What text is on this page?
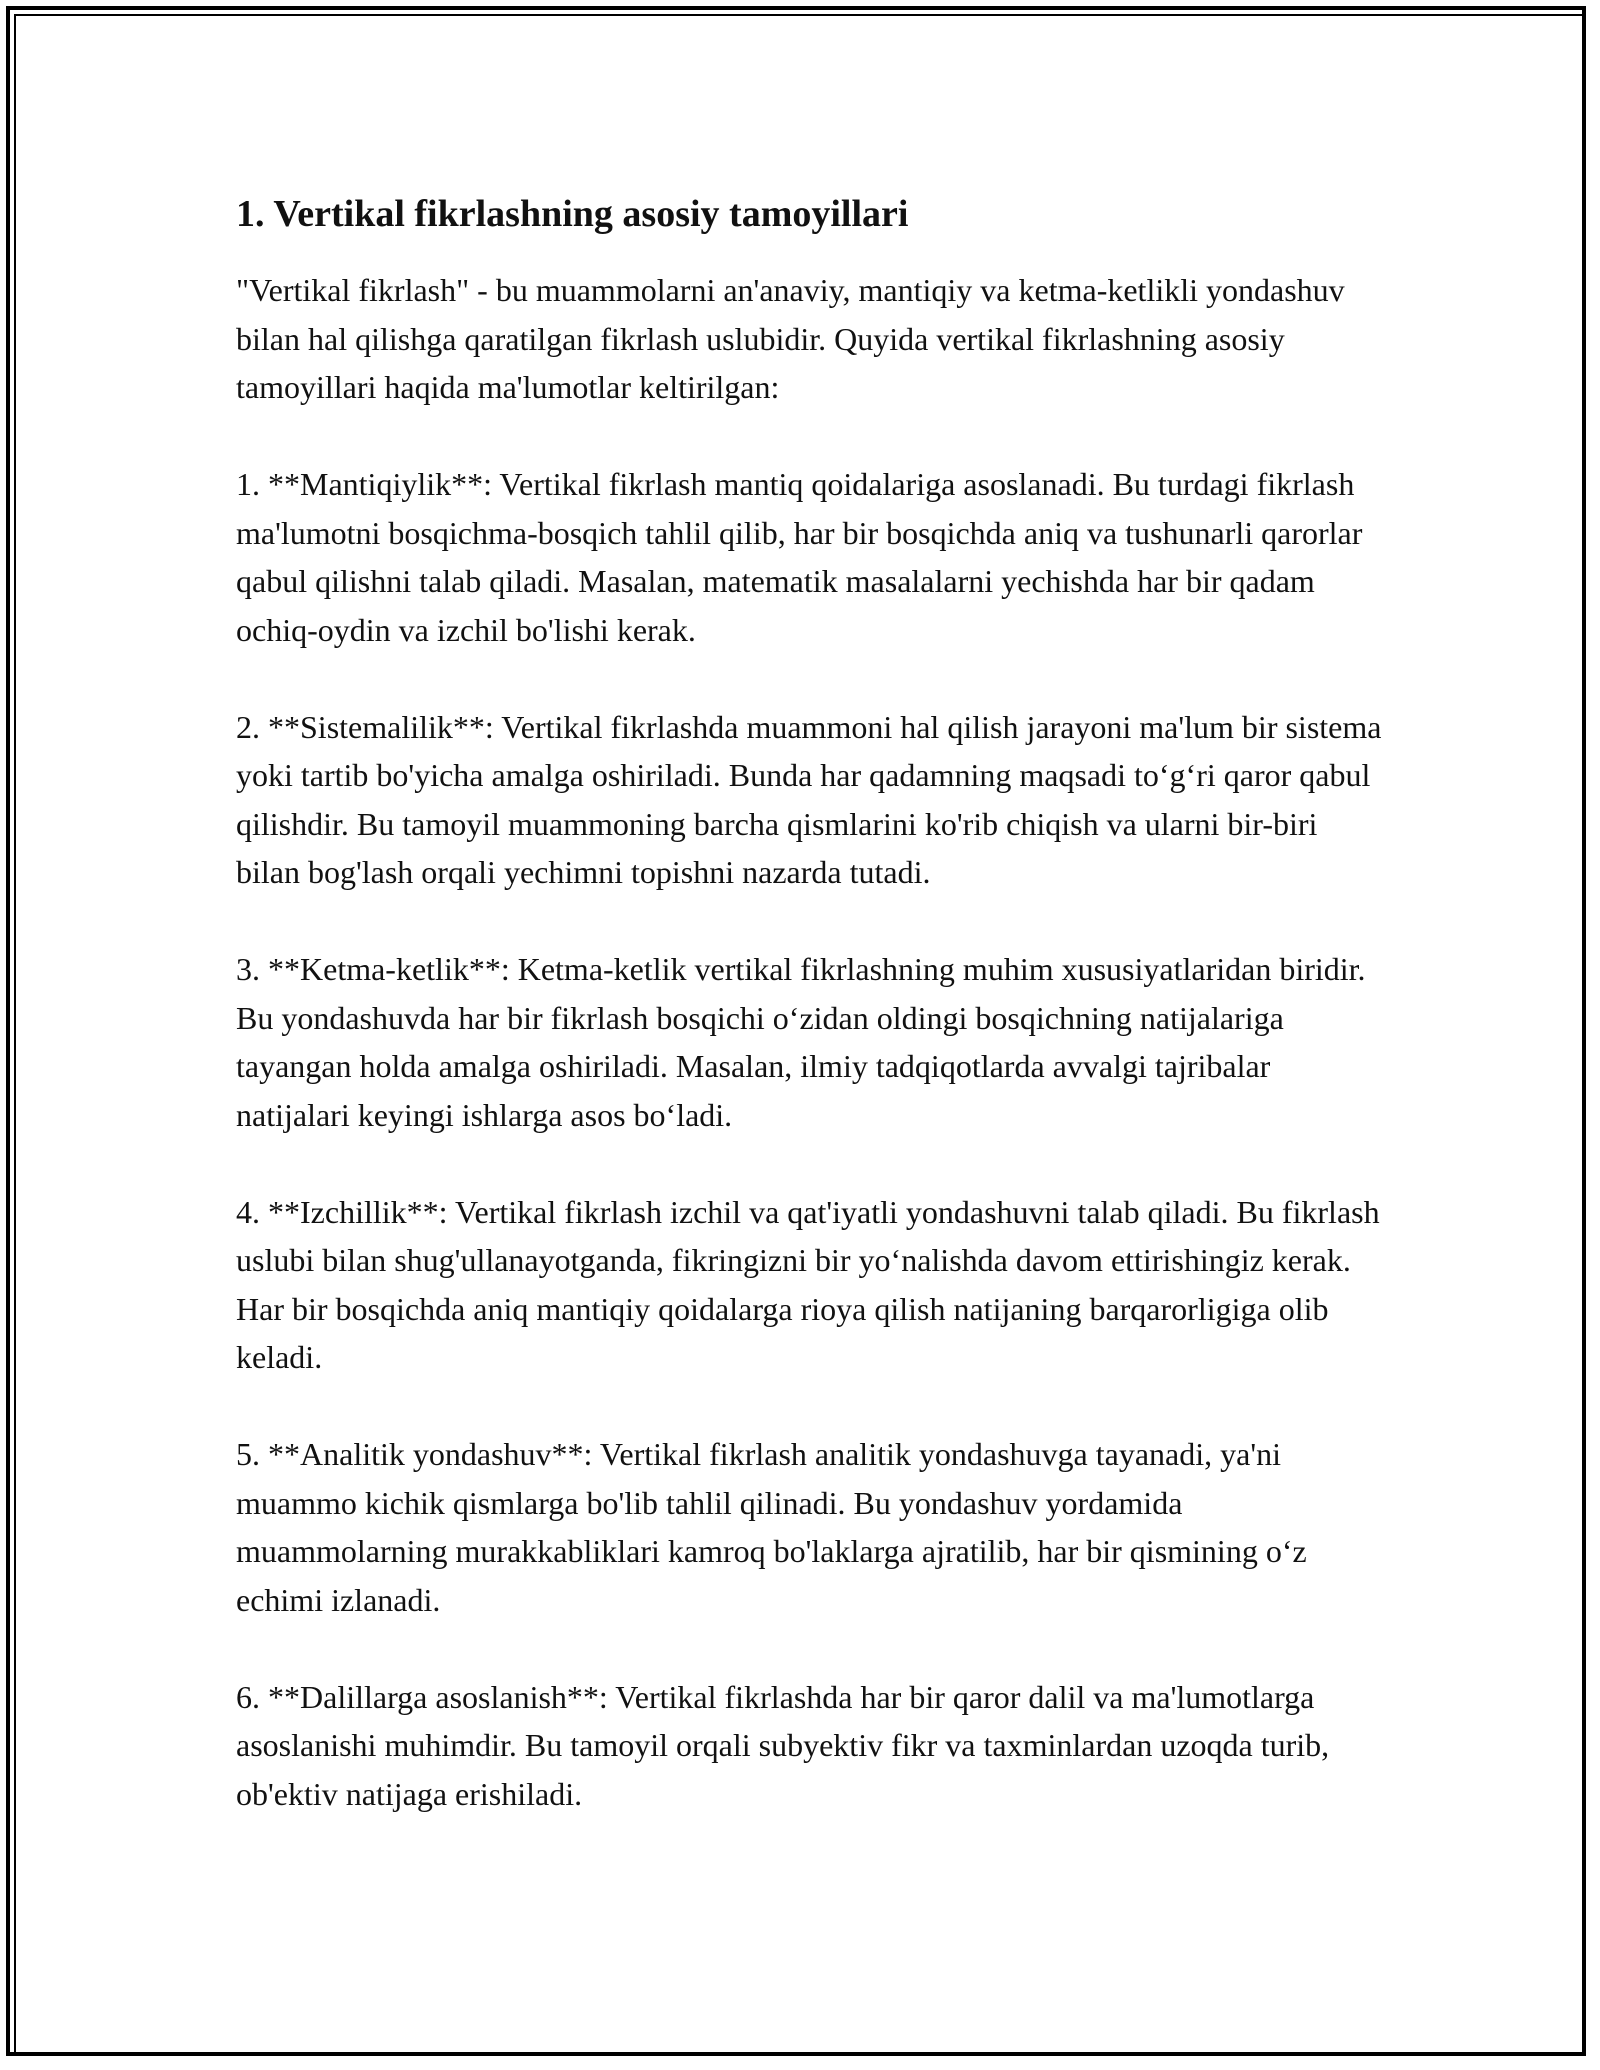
1. Vertikal fikrlashning asosiy tamoyillari

"Vertikal fikrlash" - bu muammolarni an'anaviy, mantiqiy va ketma-ketlikli yondashuv bilan hal qilishga qaratilgan fikrlash uslubidir. Quyida vertikal fikrlashning asosiy tamoyillari haqida ma'lumotlar keltirilgan:

1. **Mantiqiylik**: Vertikal fikrlash mantiq qoidalariga asoslanadi. Bu turdagi fikrlash ma'lumotni bosqichma-bosqich tahlil qilib, har bir bosqichda aniq va tushunarli qarorlar qabul qilishni talab qiladi. Masalan, matematik masalalarni yechishda har bir qadam ochiq-oydin va izchil bo'lishi kerak.

2. **Sistemalilik**: Vertikal fikrlashda muammoni hal qilish jarayoni ma'lum bir sistema yoki tartib bo'yicha amalga oshiriladi. Bunda har qadamning maqsadi to‘g‘ri qaror qabul qilishdir. Bu tamoyil muammoning barcha qismlarini ko'rib chiqish va ularni bir-biri bilan bog'lash orqali yechimni topishni nazarda tutadi.

3. **Ketma-ketlik**: Ketma-ketlik vertikal fikrlashning muhim xususiyatlaridan biridir. Bu yondashuvda har bir fikrlash bosqichi o‘zidan oldingi bosqichning natijalariga tayangan holda amalga oshiriladi. Masalan, ilmiy tadqiqotlarda avvalgi tajribalar natijalari keyingi ishlarga asos bo‘ladi.

4. **Izchillik**: Vertikal fikrlash izchil va qat'iyatli yondashuvni talab qiladi. Bu fikrlash uslubi bilan shug'ullanayotganda, fikringizni bir yo‘nalishda davom ettirishingiz kerak. Har bir bosqichda aniq mantiqiy qoidalarga rioya qilish natijaning barqarorligiga olib keladi.

5. **Analitik yondashuv**: Vertikal fikrlash analitik yondashuvga tayanadi, ya'ni muammo kichik qismlarga bo'lib tahlil qilinadi. Bu yondashuv yordamida muammolarning murakkabliklari kamroq bo'laklarga ajratilib, har bir qismining o‘z echimi izlanadi.

6. **Dalillarga asoslanish**: Vertikal fikrlashda har bir qaror dalil va ma'lumotlarga asoslanishi muhimdir. Bu tamoyil orqali subyektiv fikr va taxminlardan uzoqda turib, ob'ektiv natijaga erishiladi.
